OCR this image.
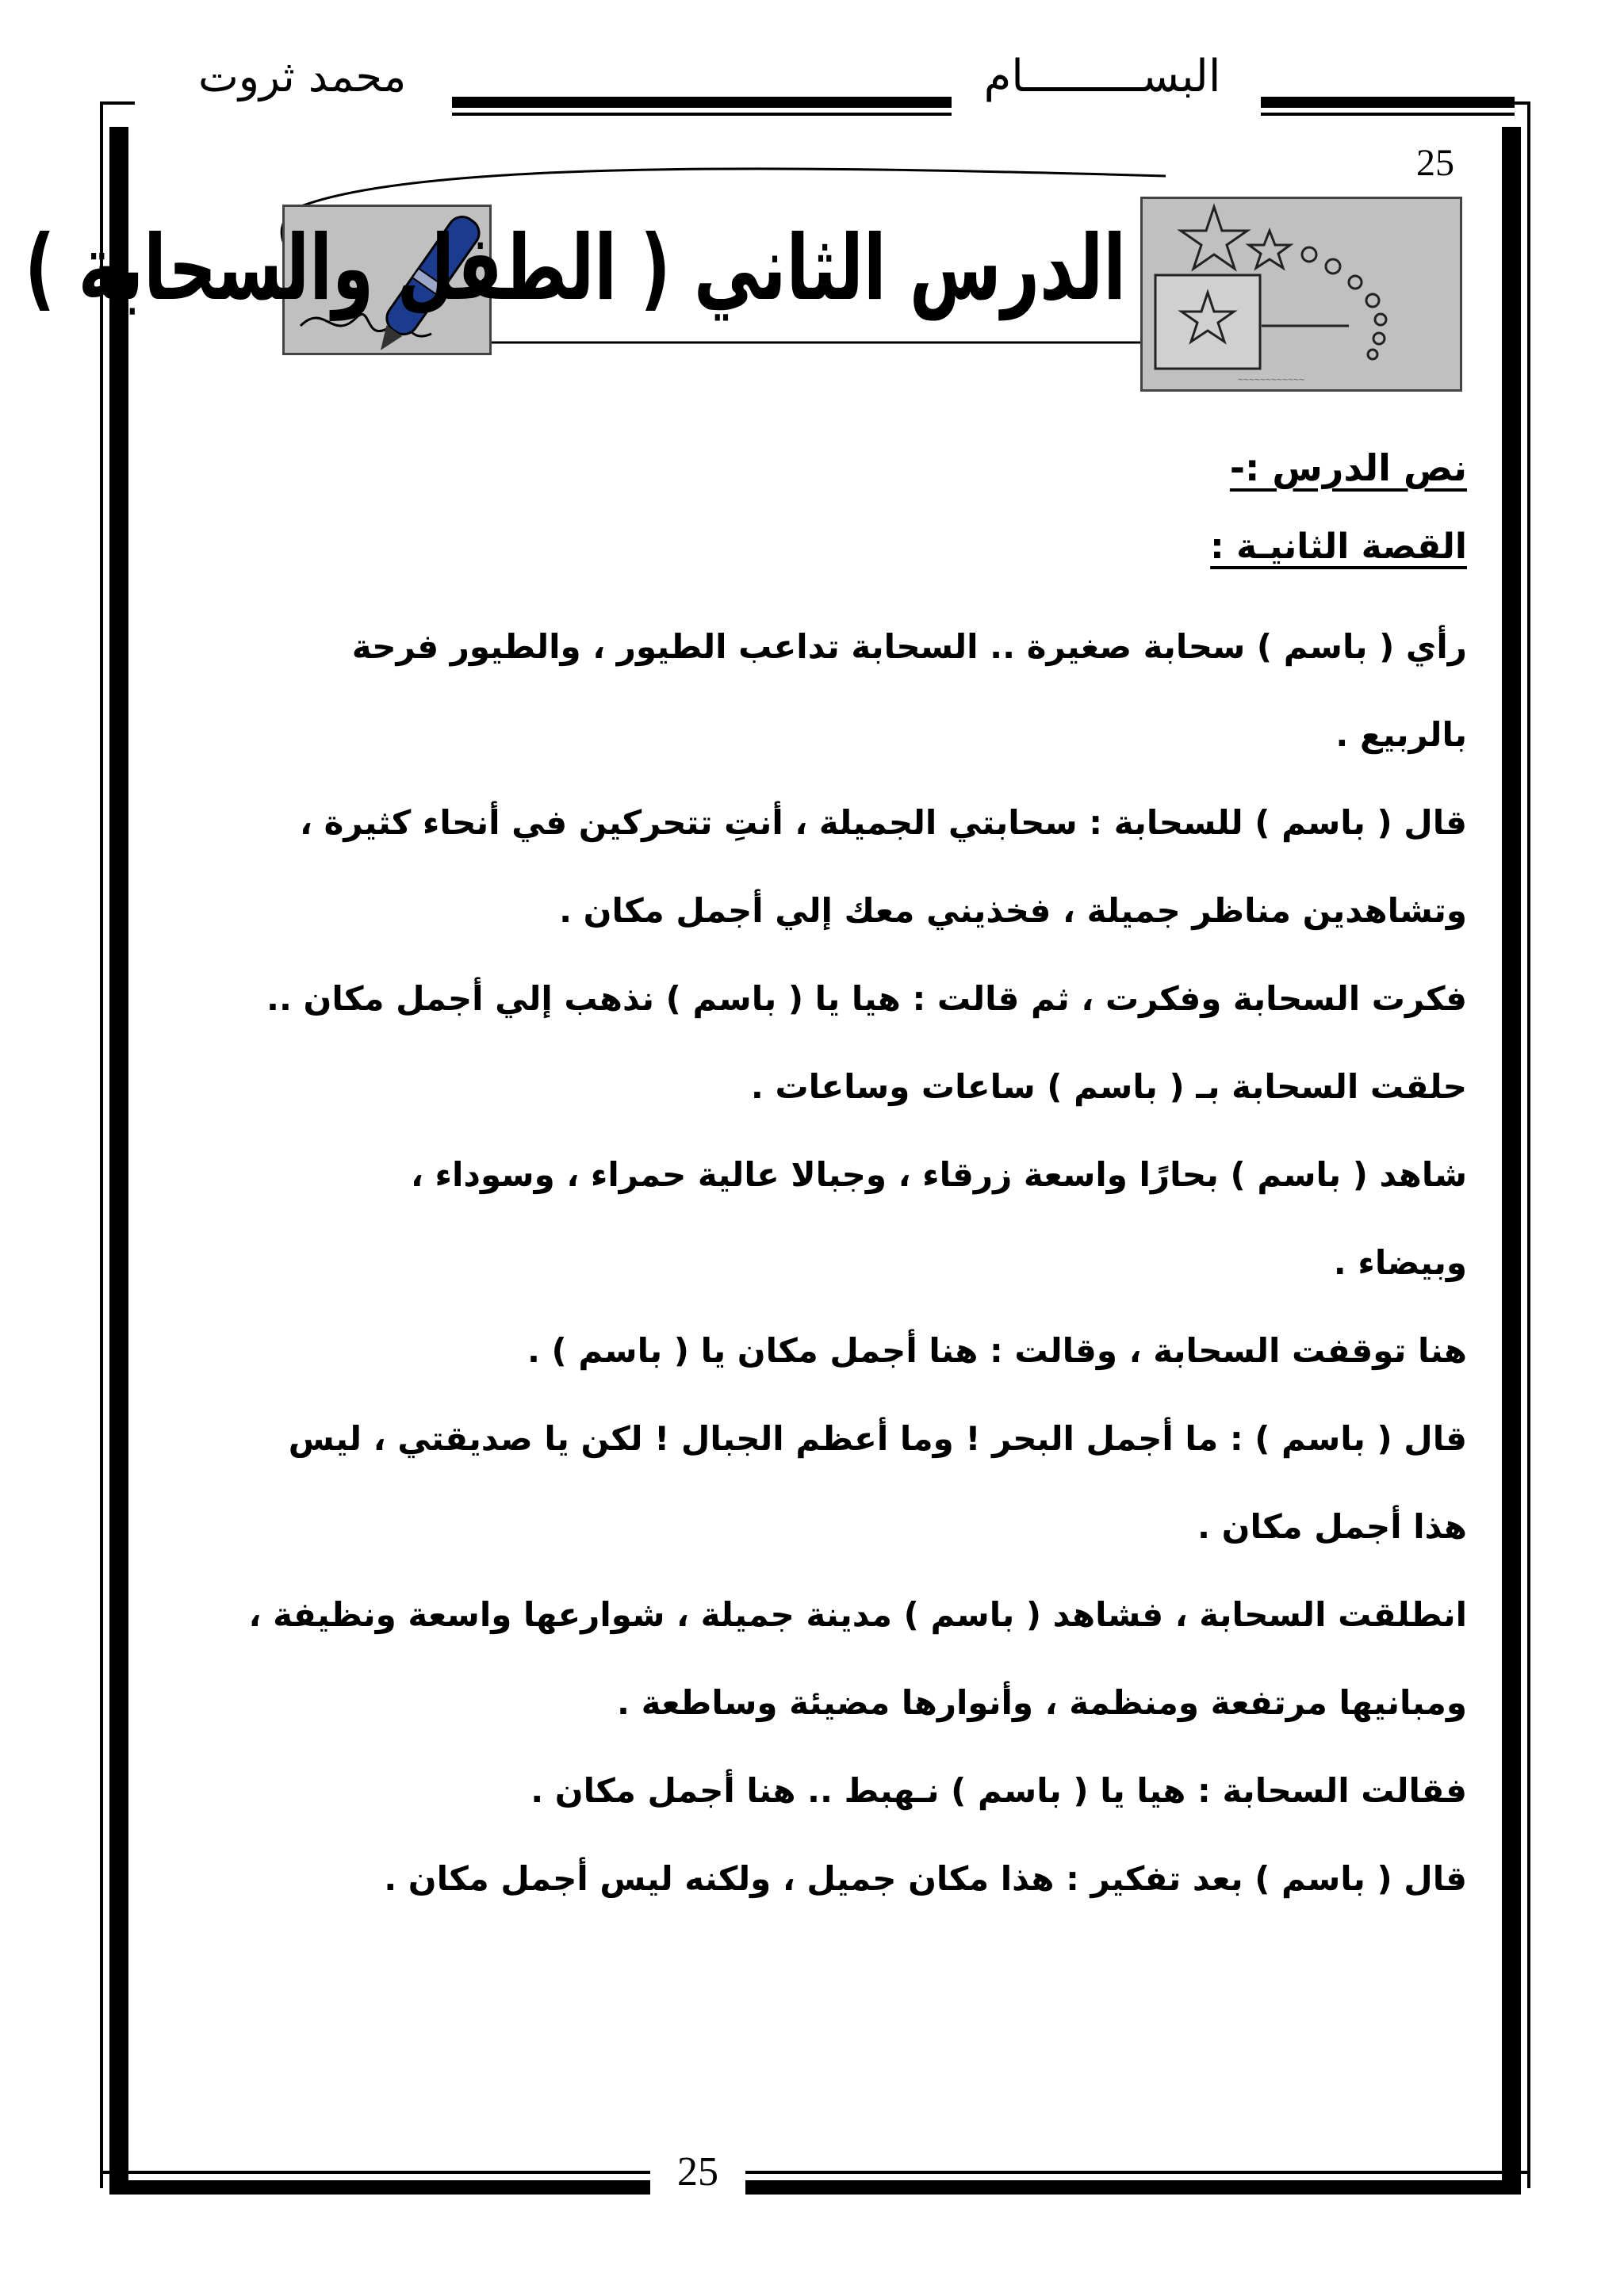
محمد ثروت	البســـــــــام
25
الدرس الثاني ( الطفل والسحابة )
~~~~~~~~~~~~
نص الدرس :-
القصة الثانيـة :

رأي ( باسم ) سحابة صغيرة .. السحابة تداعب الطيور ، والطيور فرحة

بالربيع .

قال ( باسم ) للسحابة : سحابتي الجميلة ، أنتِ تتحركين في أنحاء كثيرة ،

وتشاهدين مناظر جميلة ، فخذيني معك إلي أجمل مكان .

فكرت السحابة وفكرت ، ثم قالت : هيا يا ( باسم ) نذهب إلي أجمل مكان ..

حلقت السحابة بـ ( باسم ) ساعات وساعات .

شاهد ( باسم ) بحارًا واسعة زرقاء ، وجبالا عالية حمراء ، وسوداء ،

وبيضاء .

هنا توقفت السحابة ، وقالت : هنا أجمل مكان يا ( باسم ) .

قال ( باسم ) : ما أجمل البحر ! وما أعظم الجبال ! لكن يا صديقتي ، ليس

هذا أجمل مكان .

انطلقت السحابة ، فشاهد ( باسم ) مدينة جميلة ، شوارعها واسعة ونظيفة ،

ومبانيها مرتفعة ومنظمة ، وأنوارها مضيئة وساطعة .

فقالت السحابة : هيا يا ( باسم ) نـهبط .. هنا أجمل مكان .

قال ( باسم ) بعد تفكير : هذا مكان جميل ، ولكنه ليس أجمل مكان .

25
